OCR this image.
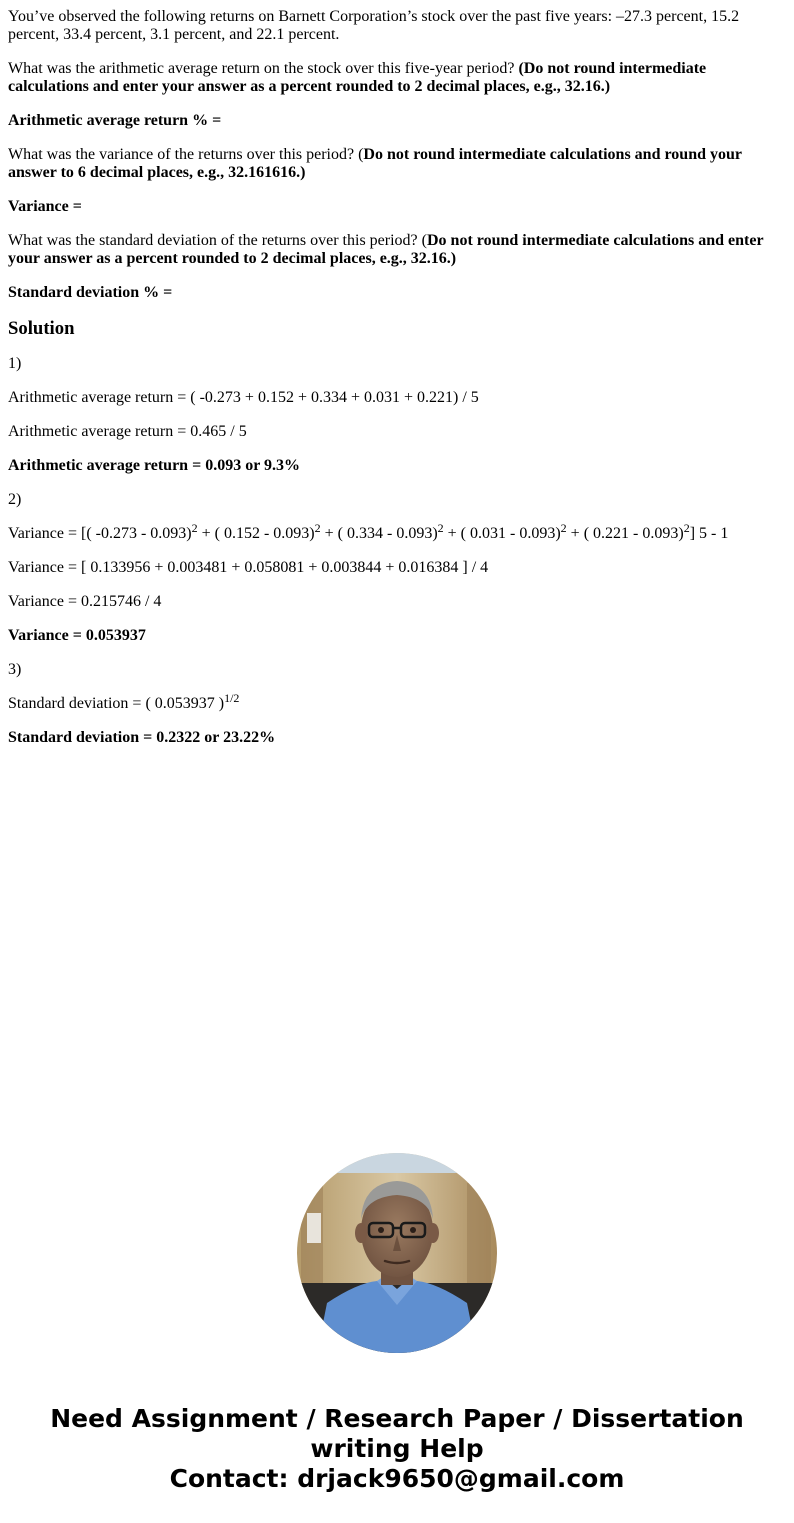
You’ve observed the following returns on Barnett Corporation’s stock over the past five years: –27.3 percent, 15.2 percent, 33.4 percent, 3.1 percent, and 22.1 percent.

What was the arithmetic average return on the stock over this five-year period? (Do not round intermediate calculations and enter your answer as a percent rounded to 2 decimal places, e.g., 32.16.)

Arithmetic average return % =

What was the variance of the returns over this period? (Do not round intermediate calculations and round your answer to 6 decimal places, e.g., 32.161616.)

Variance =

What was the standard deviation of the returns over this period? (Do not round intermediate calculations and enter your answer as a percent rounded to 2 decimal places, e.g., 32.16.)

Standard deviation % =

Solution

1)

Arithmetic average return = ( -0.273 + 0.152 + 0.334 + 0.031 + 0.221) / 5

Arithmetic average return = 0.465 / 5

Arithmetic average return = 0.093 or 9.3%

2)

Variance = [( -0.273 - 0.093)$^2$ + ( 0.152 - 0.093)$^2$ + ( 0.334 - 0.093)$^2$ + ( 0.031 - 0.093)$^2$ + ( 0.221 - 0.093)$^2$] 5 - 1

Variance = [ 0.133956 + 0.003481 + 0.058081 + 0.003844 + 0.016384 ] / 4

Variance = 0.215746 / 4

Variance = 0.053937

3)

Standard deviation = ( 0.053937 )$^{1/2}$

Standard deviation = 0.2322 or 23.22%

Need Assignment / Research Paper / Dissertation
writing Help
Contact: drjack9650@gmail.com
